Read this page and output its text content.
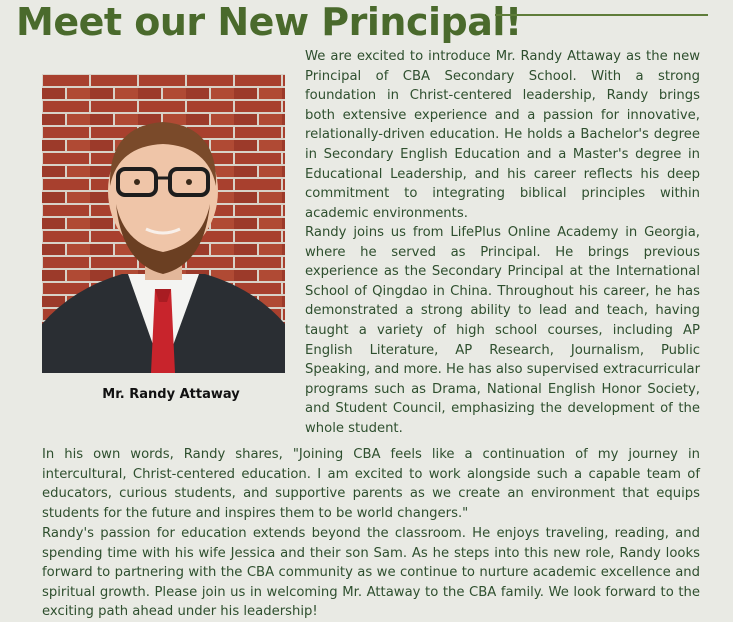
Meet our New Principal!
Mr. Randy Attaway

We are excited to introduce Mr. Randy Attaway as the new Principal of CBA Secondary School. With a strong foundation in Christ-centered leadership, Randy brings both extensive experience and a passion for innovative, relationally-driven education. He holds a Bachelor's degree in Secondary English Education and a Master's degree in Educational Leadership, and his career reflects his deep commitment to integrating biblical principles within academic environments.

Randy joins us from LifePlus Online Academy in Georgia, where he served as Principal. He brings previous experience as the Secondary Principal at the International School of Qingdao in China. Throughout his career, he has demonstrated a strong ability to lead and teach, having taught a variety of high school courses, including AP English Literature, AP Research, Journalism, Public Speaking, and more. He has also supervised extracurricular programs such as Drama, National English Honor Society, and Student Council, emphasizing the development of the whole student.

In his own words, Randy shares, "Joining CBA feels like a continuation of my journey in intercultural, Christ-centered education. I am excited to work alongside such a capable team of educators, curious students, and supportive parents as we create an environment that equips students for the future and inspires them to be world changers."

Randy's passion for education extends beyond the classroom. He enjoys traveling, reading, and spending time with his wife Jessica and their son Sam. As he steps into this new role, Randy looks forward to partnering with the CBA community as we continue to nurture academic excellence and spiritual growth. Please join us in welcoming Mr. Attaway to the CBA family. We look forward to the exciting path ahead under his leadership!
